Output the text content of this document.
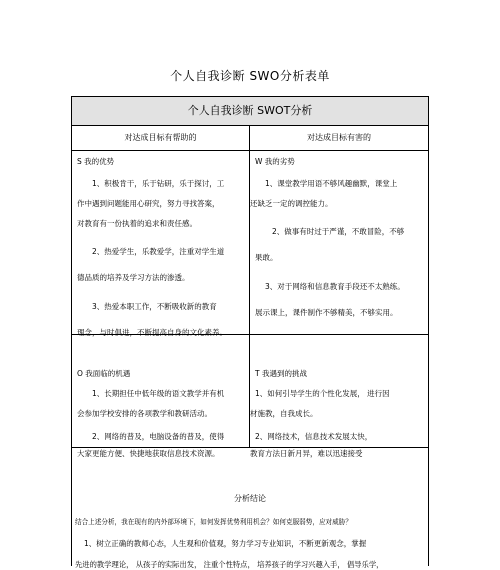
个人自我诊断 SWO分析表单
个人自我诊断 SWOT分析
对达成目标有帮助的	对达成目标有害的
S 我的优势
1、积极肯干，乐于钻研，乐于探讨，工
作中遇到问题能用心研究，努力寻找答案，
对教育有一份执着的追求和责任感。
2、热爱学生，乐教爱学，注重对学生道
德品质的培养及学习方法的渗透。
3、热爱本职工作，不断吸收新的教育
理念，与时俱进，不断提高自身的文化素养。
W 我的劣势
1、课堂教学用语不够风趣幽默，课堂上
还缺乏一定的调控能力。
2、做事有时过于严谨，不敢冒险，不够
果敢。
3、对于网络和信息教育手段还不太熟练。
展示课上，课件制作不够精美，不够实用。
O 我面临的机遇
1、长期担任中低年级的语文教学并有机
会参加学校安排的各项教学和教研活动。
2、网络的普及，电脑设备的普及，使得
大家更能方便、快捷地获取信息技术资源。
T 我遇到的挑战
1、如何引导学生的个性化发展， 进行因
材施教，自我成长。
2、网络技术，信息技术发展太快，
教育方法日新月异，难以迅速接受
分析结论
结合上述分析，我在现有的内外部环境下，如何发挥优势利用机会？如何克服弱势，应对威胁？
1、树立正确的教师心态，人生观和价值观，努力学习专业知识，不断更新观念，掌握
先进的教学理论， 从孩子的实际出发， 注重个性特点， 培养孩子的学习兴趣入手， 倡导乐学，
